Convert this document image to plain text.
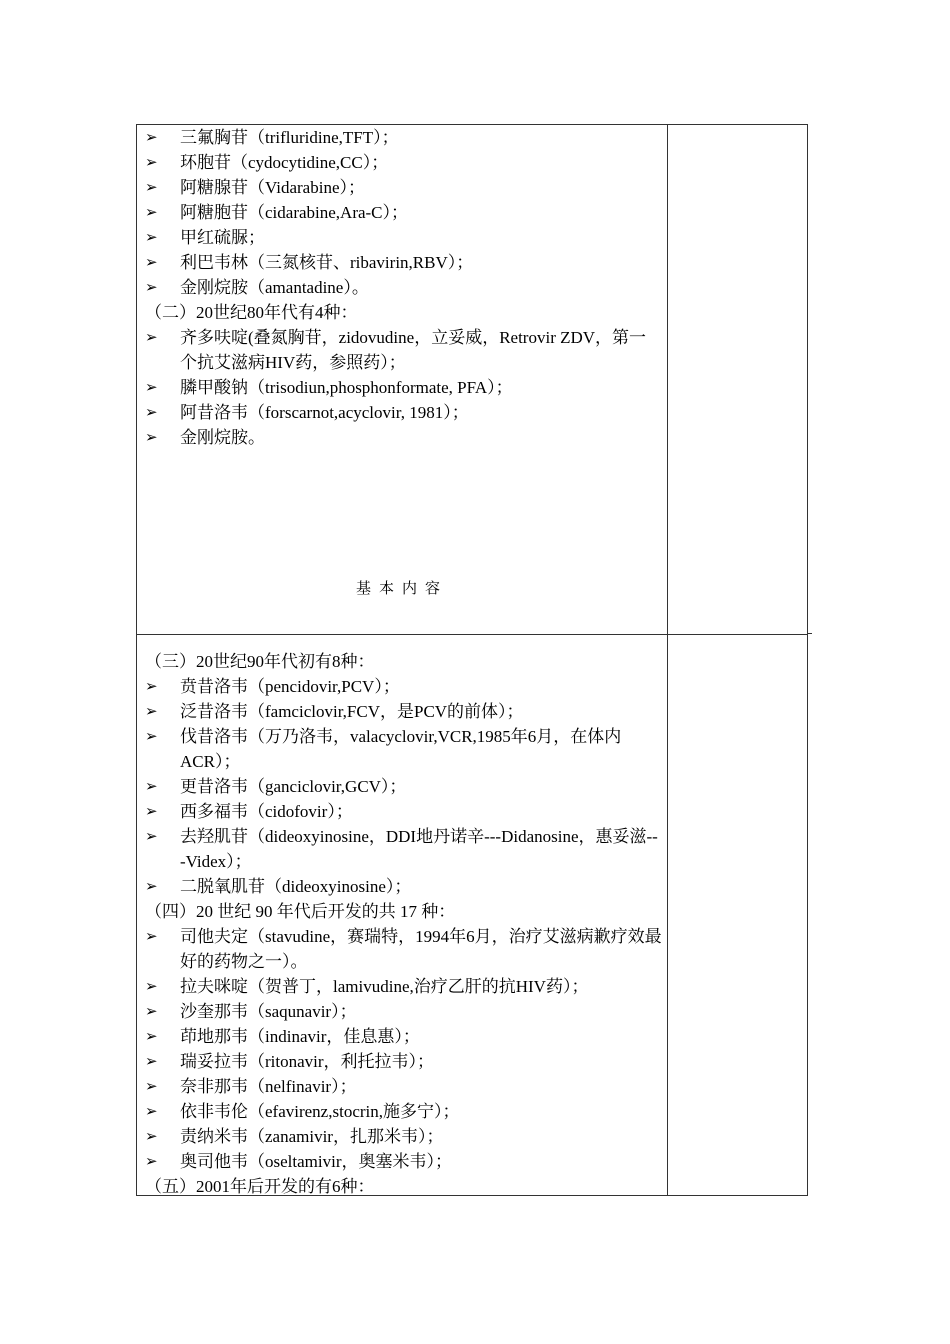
➢	三氟胸苷（trifluridine,TFT）；
➢	环胞苷（cydocytidine,CC）；
➢	阿糖腺苷（Vidarabine）；
➢	阿糖胞苷（cidarabine,Ara-C）；
➢	甲红硫脲；
➢	利巴韦林（三氮核苷、ribavirin,RBV）；
➢	金刚烷胺（amantadine）。
（二）20世纪80年代有4种：
➢	齐多呋啶(叠氮胸苷，zidovudine，立妥威，Retrovir ZDV，第一个抗艾滋病HIV药，参照药）；
➢	膦甲酸钠（trisodiun,phosphonformate, PFA）；
➢	阿昔洛韦（forscarnot,acyclovir, 1981）；
➢	金刚烷胺。
基本内容
（三）20世纪90年代初有8种：
➢	贲昔洛韦（pencidovir,PCV）；
➢	泛昔洛韦（famciclovir,FCV，是PCV的前体）；
➢	伐昔洛韦（万乃洛韦，valacyclovir,VCR,1985年6月，在体内ACR）；
➢	更昔洛韦（ganciclovir,GCV）；
➢	西多福韦（cidofovir）；
➢	去羟肌苷（dideoxyinosine，DDI地丹诺辛---Didanosine，惠妥滋---Videx）；
➢	二脱氧肌苷（dideoxyinosine）；
（四）20 世纪 90 年代后开发的共 17 种：
➢	司他夫定（stavudine，赛瑞特，1994年6月，治疗艾滋病歉疗效最好的药物之一）。
➢	拉夫咪啶（贺普丁，lamivudine,治疗乙肝的抗HIV药）；
➢	沙奎那韦（saqunavir）；
➢	茚地那韦（indinavir，佳息惠）；
➢	瑞妥拉韦（ritonavir，利托拉韦）；
➢	奈非那韦（nelfinavir）；
➢	依非韦伦（efavirenz,stocrin,施多宁）；
➢	责纳米韦（zanamivir，扎那米韦）；
➢	奥司他韦（oseltamivir，奥塞米韦）；
（五）2001年后开发的有6种：
